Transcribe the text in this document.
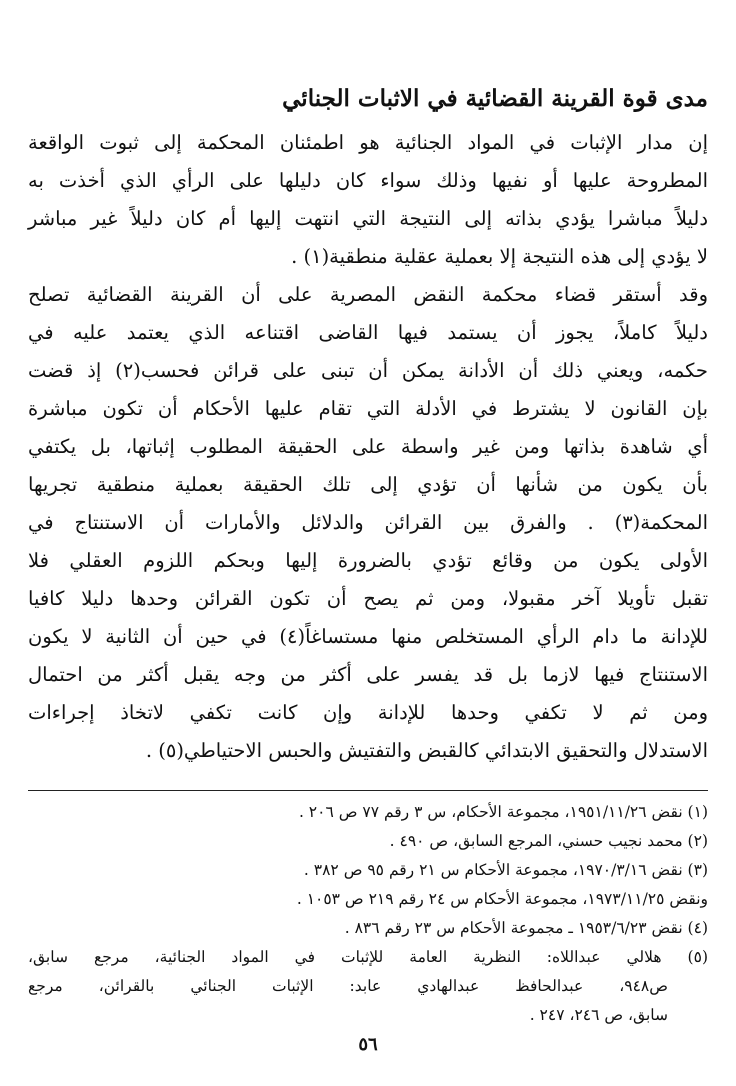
مدى قوة القرينة القضائية في الاثبات الجنائي
إن مدار الإثبات في المواد الجنائية هو اطمئنان المحكمة إلى ثبوت الواقعة
المطروحة عليها أو نفيها وذلك سواء كان دليلها على الرأي الذي أخذت به
دليلاً مباشرا يؤدي بذاته إلى النتيجة التي انتهت إليها أم كان دليلاً غير مباشر
لا يؤدي إلى هذه النتيجة إلا بعملية عقلية منطقية(١) .
وقد أستقر قضاء محكمة النقض المصرية على أن القرينة القضائية تصلح
دليلاً كاملاً، يجوز أن يستمد فيها القاضى اقتناعه الذي يعتمد عليه في
حكمه، ويعني ذلك أن الأدانة يمكن أن تبنى على قرائن فحسب(٢) إذ قضت
بإن القانون لا يشترط في الأدلة التي تقام عليها الأحكام أن تكون مباشرة
أي شاهدة بذاتها ومن غير واسطة على الحقيقة المطلوب إثباتها، بل يكتفي
بأن يكون من شأنها أن تؤدي إلى تلك الحقيقة بعملية منطقية تجريها
المحكمة(٣) . والفرق بين القرائن والدلائل والأمارات أن الاستنتاج في
الأولى يكون من وقائع تؤدي بالضرورة إليها وبحكم اللزوم العقلي فلا
تقبل تأويلا آخر مقبولا، ومن ثم يصح أن تكون القرائن وحدها دليلا كافيا
للإدانة ما دام الرأي المستخلص منها مستساغاً(٤) في حين أن الثانية لا يكون
الاستنتاج فيها لازما بل قد يفسر على أكثر من وجه يقبل أكثر من احتمال
ومن ثم لا تكفي وحدها للإدانة وإن كانت تكفي لاتخاذ إجراءات
الاستدلال والتحقيق الابتدائي كالقبض والتفتيش والحبس الاحتياطي(٥) .
(١) نقض ١٩٥١/١١/٢٦، مجموعة الأحكام، س ٣ رقم ٧٧ ص ٢٠٦ .
(٢) محمد نجيب حسني، المرجع السابق، ص ٤٩٠ .
(٣) نقض ١٩٧٠/٣/١٦، مجموعة الأحكام س ٢١ رقم ٩٥ ص ٣٨٢ .
ونقض ١٩٧٣/١١/٢٥، مجموعة الأحكام س ٢٤ رقم ٢١٩ ص ١٠٥٣ .
(٤) نقض ١٩٥٣/٦/٢٣ ـ مجموعة الأحكام س ٢٣ رقم ٨٣٦ .
(٥) هلالي عبداللاه: النظرية العامة للإثبات في المواد الجنائية، مرجع سابق،
ص٩٤٨، عبدالحافظ عبدالهادي عابد: الإثبات الجنائي بالقرائن، مرجع
سابق، ص ٢٤٦، ٢٤٧ .
٥٦
